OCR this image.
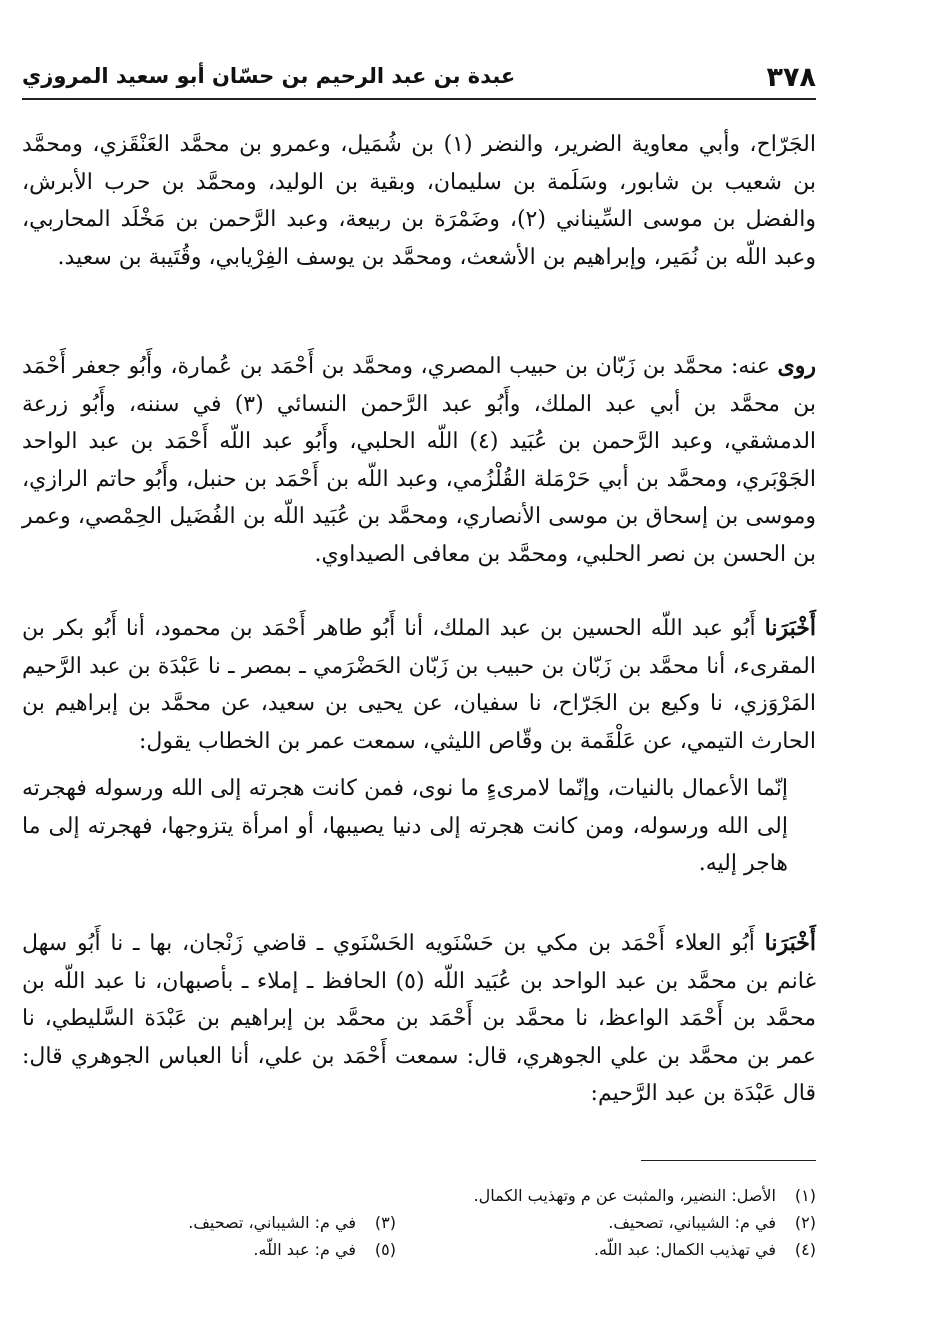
٣٧٨
عبدة بن عبد الرحيم بن حسّان أبو سعيد المروزي

الجَرّاح، وأبي معاوية الضرير، والنضر (١) بن شُمَيل، وعمرو بن محمَّد العَنْقَزي، ومحمَّد بن شعيب بن شابور، وسَلَمة بن سليمان، وبقية بن الوليد، ومحمَّد بن حرب الأبرش، والفضل بن موسى السِّيناني (٢)، وضَمْرَة بن ربيعة، وعبد الرَّحمن بن مَخْلَد المحاربي، وعبد اللّه بن نُمَير، وإبراهيم بن الأشعث، ومحمَّد بن يوسف الفِرْيابي، وقُتَيبة بن سعيد.

روى عنه: محمَّد بن زَبّان بن حبيب المصري، ومحمَّد بن أَحْمَد بن عُمارة، وأَبُو جعفر أَحْمَد بن محمَّد بن أبي عبد الملك، وأَبُو عبد الرَّحمن النسائي (٣) في سننه، وأَبُو زرعة الدمشقي، وعبد الرَّحمن بن عُبَيد (٤) اللّه الحلبي، وأَبُو عبد اللّه أَحْمَد بن عبد الواحد الجَوْبَري، ومحمَّد بن أبي حَرْمَلة القُلْزُمي، وعبد اللّه بن أَحْمَد بن حنبل، وأَبُو حاتم الرازي، وموسى بن إسحاق بن موسى الأنصاري، ومحمَّد بن عُبَيد اللّه بن الفُضَيل الحِمْصي، وعمر بن الحسن بن نصر الحلبي، ومحمَّد بن معافى الصيداوي.

أَخْبَرَنا أَبُو عبد اللّه الحسين بن عبد الملك، أنا أَبُو طاهر أَحْمَد بن محمود، أنا أَبُو بكر بن المقرىء، أنا محمَّد بن زَبّان بن حبيب بن زَبّان الحَضْرَمي ـ بمصر ـ نا عَبْدَة بن عبد الرَّحيم المَرْوَزي، نا وكيع بن الجَرّاح، نا سفيان، عن يحيى بن سعيد، عن محمَّد بن إبراهيم بن الحارث التيمي، عن عَلْقَمة بن وقّاص الليثي، سمعت عمر بن الخطاب يقول:

إنّما الأعمال بالنيات، وإنّما لامرىءٍ ما نوى، فمن كانت هجرته إلى الله ورسوله فهجرته إلى الله ورسوله، ومن كانت هجرته إلى دنيا يصيبها، أو امرأة يتزوجها، فهجرته إلى ما هاجر إليه.

أَخْبَرَنا أَبُو العلاء أَحْمَد بن مكي بن حَسْنَويه الحَسْنَوي ـ قاضي زَنْجان، بها ـ نا أَبُو سهل غانم بن محمَّد بن عبد الواحد بن عُبَيد اللّه (٥) الحافظ ـ إملاء ـ بأصبهان، نا عبد اللّه بن محمَّد بن أَحْمَد الواعظ، نا محمَّد بن أَحْمَد بن محمَّد بن إبراهيم بن عَبْدَة السَّليطي، نا عمر بن محمَّد بن علي الجوهري، قال: سمعت أَحْمَد بن علي، أنا العباس الجوهري قال: قال عَبْدَة بن عبد الرَّحيم:

(١)الأصل: النضير، والمثبت عن م وتهذيب الكمال.
(٢)في م: الشيباني، تصحيف.
(٣)في م: الشيباني، تصحيف.
(٤)في تهذيب الكمال: عبد اللّه.
(٥)في م: عبد اللّه.
